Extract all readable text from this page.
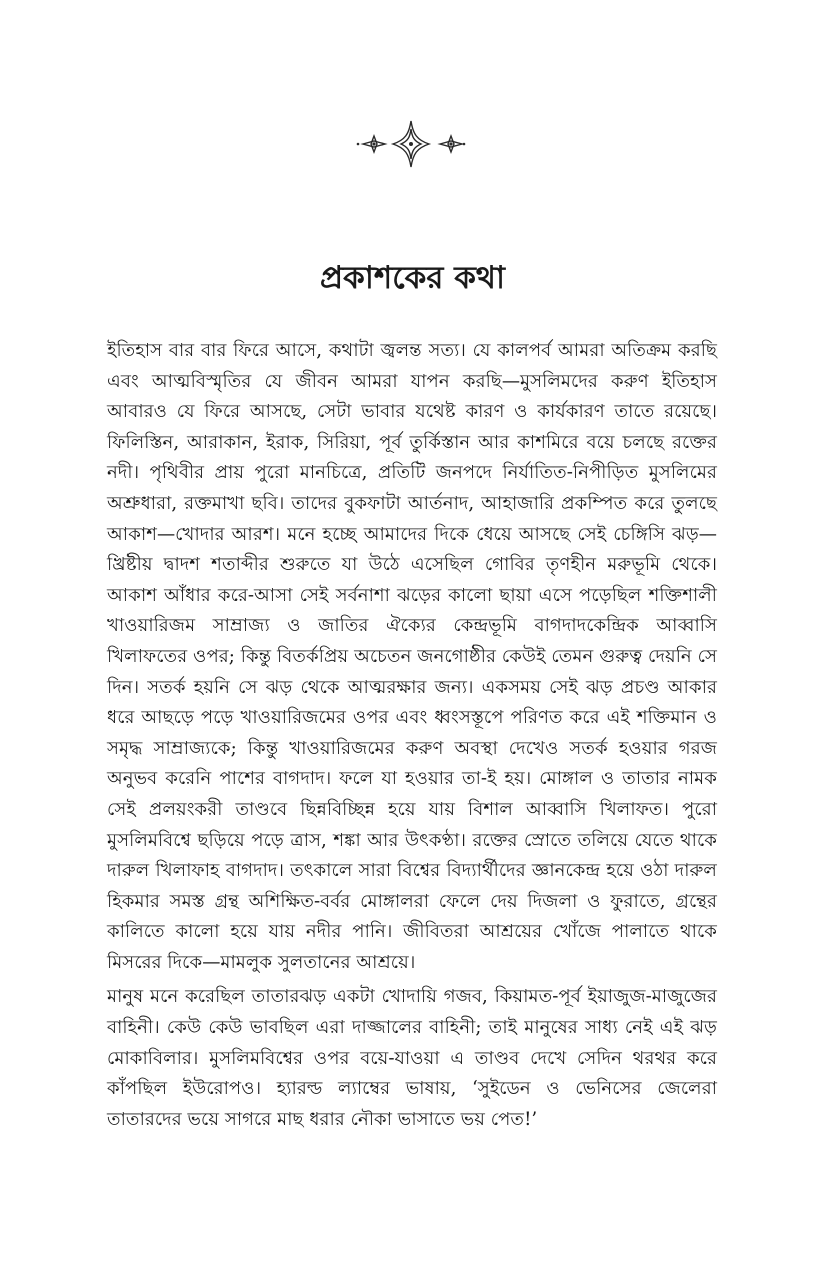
প্রকাশকের কথা

ইতিহাস বার বার ফিরে আসে, কথাটা জ্বলন্ত সত্য। যে কালপর্ব আমরা অতিক্রম করছি এবং আত্মবিস্মৃতির যে জীবন আমরা যাপন করছি—মুসলিমদের করুণ ইতিহাস আবারও যে ফিরে আসছে, সেটা ভাবার যথেষ্ট কারণ ও কার্যকারণ তাতে রয়েছে। ফিলিস্তিন, আরাকান, ইরাক, সিরিয়া, পূর্ব তুর্কিস্তান আর কাশমিরে বয়ে চলছে রক্তের নদী। পৃথিবীর প্রায় পুরো মানচিত্রে, প্রতিটি জনপদে নির্যাতিত-নিপীড়িত মুসলিমের অশ্রুধারা, রক্তমাখা ছবি। তাদের বুকফাটা আর্তনাদ, আহাজারি প্রকম্পিত করে তুলছে আকাশ—খোদার আরশ। মনে হচ্ছে আমাদের দিকে ধেয়ে আসছে সেই চেঙ্গিসি ঝড়—খ্রিষ্টীয় দ্বাদশ শতাব্দীর শুরুতে যা উঠে এসেছিল গোবির তৃণহীন মরুভূমি থেকে। আকাশ আঁধার করে-আসা সেই সর্বনাশা ঝড়ের কালো ছায়া এসে পড়েছিল শক্তিশালী খাওয়ারিজম সাম্রাজ্য ও জাতির ঐক্যের কেন্দ্রভূমি বাগদাদকেন্দ্রিক আব্বাসি খিলাফতের ওপর; কিন্তু বিতর্কপ্রিয় অচেতন জনগোষ্ঠীর কেউই তেমন গুরুত্ব দেয়নি সে দিন। সতর্ক হয়নি সে ঝড় থেকে আত্মরক্ষার জন্য। একসময় সেই ঝড় প্রচণ্ড আকার ধরে আছড়ে পড়ে খাওয়ারিজমের ওপর এবং ধ্বংসস্তূপে পরিণত করে এই শক্তিমান ও সমৃদ্ধ সাম্রাজ্যকে; কিন্তু খাওয়ারিজমের করুণ অবস্থা দেখেও সতর্ক হওয়ার গরজ অনুভব করেনি পাশের বাগদাদ। ফলে যা হওয়ার তা-ই হয়। মোঙ্গাল ও তাতার নামক সেই প্রলয়ংকরী তাণ্ডবে ছিন্নবিচ্ছিন্ন হয়ে যায় বিশাল আব্বাসি খিলাফত। পুরো মুসলিমবিশ্বে ছড়িয়ে পড়ে ত্রাস, শঙ্কা আর উৎকণ্ঠা। রক্তের স্রোতে তলিয়ে যেতে থাকে দারুল খিলাফাহ বাগদাদ। তৎকালে সারা বিশ্বের বিদ্যার্থীদের জ্ঞানকেন্দ্র হয়ে ওঠা দারুল হিকমার সমস্ত গ্রন্থ অশিক্ষিত-বর্বর মোঙ্গালরা ফেলে দেয় দিজলা ও ফুরাতে, গ্রন্থের কালিতে কালো হয়ে যায় নদীর পানি। জীবিতরা আশ্রয়ের খোঁজে পালাতে থাকে মিসরের দিকে—মামলুক সুলতানের আশ্রয়ে।

মানুষ মনে করেছিল তাতারঝড় একটা খোদায়ি গজব, কিয়ামত-পূর্ব ইয়াজুজ-মাজুজের বাহিনী। কেউ কেউ ভাবছিল এরা দাজ্জালের বাহিনী; তাই মানুষের সাধ্য নেই এই ঝড় মোকাবিলার। মুসলিমবিশ্বের ওপর বয়ে-যাওয়া এ তাণ্ডব দেখে সেদিন থরথর করে কাঁপছিল ইউরোপও। হ্যারল্ড ল্যাম্বের ভাষায়, ‘সুইডেন ও ভেনিসের জেলেরা তাতারদের ভয়ে সাগরে মাছ ধরার নৌকা ভাসাতে ভয় পেত!’
